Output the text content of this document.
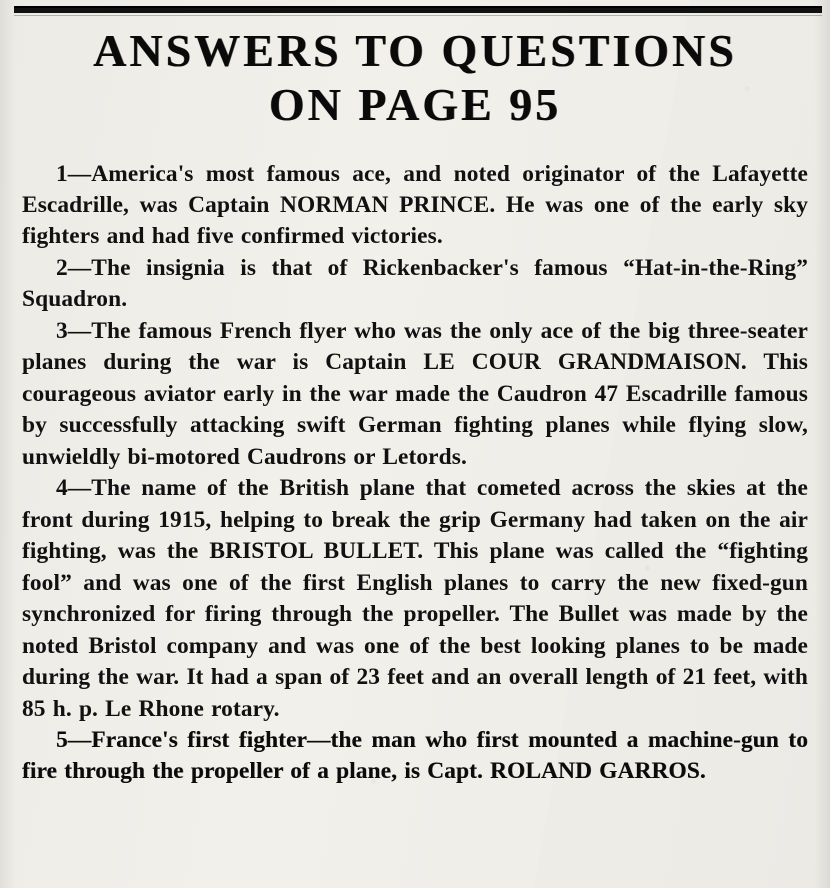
ANSWERS TO QUESTIONS
ON PAGE 95

1—America's most famous ace, and noted originator of the Lafayette Escadrille, was Captain NORMAN PRINCE. He was one of the early sky fighters and had five confirmed victories.

2—The insignia is that of Rickenbacker's famous “Hat-in-the-Ring” Squadron.

3—The famous French flyer who was the only ace of the big three-seater planes during the war is Captain LE COUR GRANDMAISON. This courageous aviator early in the war made the Caudron 47 Escadrille famous by successfully attacking swift German fighting planes while flying slow, unwieldly bi-motored Caudrons or Letords.

4—The name of the British plane that cometed across the skies at the front during 1915, helping to break the grip Germany had taken on the air fighting, was the BRISTOL BULLET. This plane was called the “fighting fool” and was one of the first English planes to carry the new fixed-gun synchronized for firing through the propeller. The Bullet was made by the noted Bristol company and was one of the best looking planes to be made during the war. It had a span of 23 feet and an overall length of 21 feet, with 85 h. p. Le Rhone rotary.

5—France's first fighter—the man who first mounted a machine-gun to fire through the propeller of a plane, is Capt. ROLAND GARROS.
